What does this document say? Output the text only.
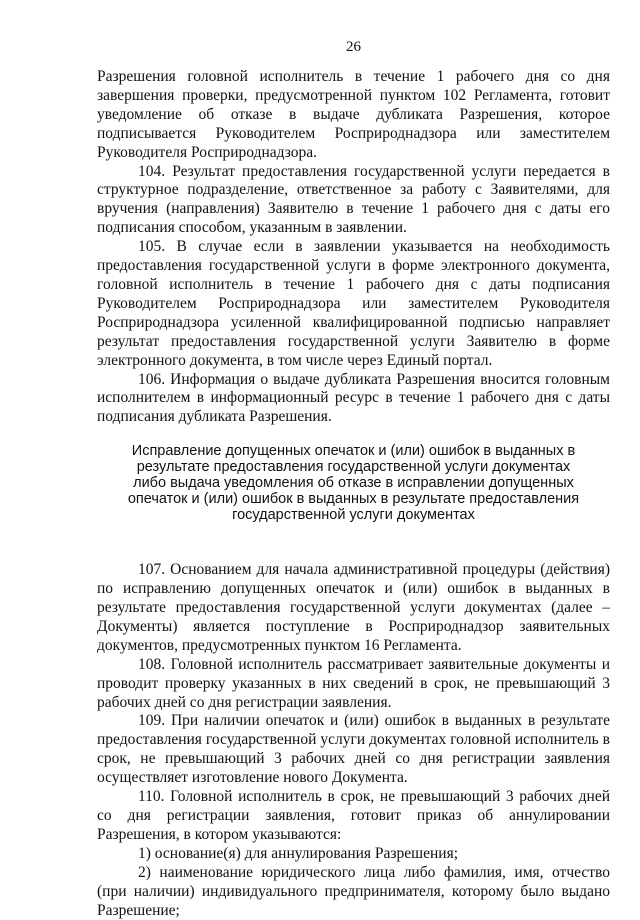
26

Разрешения головной исполнитель в течение 1 рабочего дня со дня завершения проверки, предусмотренной пунктом 102 Регламента, готовит уведомление об отказе в выдаче дубликата Разрешения, которое подписывается Руководителем Росприроднадзора или заместителем Руководителя Росприроднадзора.

104. Результат предоставления государственной услуги передается в структурное подразделение, ответственное за работу с Заявителями, для вручения (направления) Заявителю в течение 1 рабочего дня с даты его подписания способом, указанным в заявлении.

105. В случае если в заявлении указывается на необходимость предоставления государственной услуги в форме электронного документа, головной исполнитель в течение 1 рабочего дня с даты подписания Руководителем Росприроднадзора или заместителем Руководителя Росприроднадзора усиленной квалифицированной подписью направляет результат предоставления государственной услуги Заявителю в форме электронного документа, в том числе через Единый портал.

106. Информация о выдаче дубликата Разрешения вносится головным исполнителем в информационный ресурс в течение 1 рабочего дня с даты подписания дубликата Разрешения.

Исправление допущенных опечаток и (или) ошибок в выданных в результате предоставления государственной услуги документах либо выдача уведомления об отказе в исправлении допущенных опечаток и (или) ошибок в выданных в результате предоставления государственной услуги документах

107. Основанием для начала административной процедуры (действия) по исправлению допущенных опечаток и (или) ошибок в выданных в результате предоставления государственной услуги документах (далее – Документы) является поступление в Росприроднадзор заявительных документов, предусмотренных пунктом 16 Регламента.

108. Головной исполнитель рассматривает заявительные документы и проводит проверку указанных в них сведений в срок, не превышающий 3 рабочих дней со дня регистрации заявления.

109. При наличии опечаток и (или) ошибок в выданных в результате предоставления государственной услуги документах головной исполнитель в срок, не превышающий 3 рабочих дней со дня регистрации заявления осуществляет изготовление нового Документа.

110. Головной исполнитель в срок, не превышающий 3 рабочих дней со дня регистрации заявления, готовит приказ об аннулировании Разрешения, в котором указываются:

1) основание(я) для аннулирования Разрешения;

2) наименование юридического лица либо фамилия, имя, отчество (при наличии) индивидуального предпринимателя, которому было выдано Разрешение;
